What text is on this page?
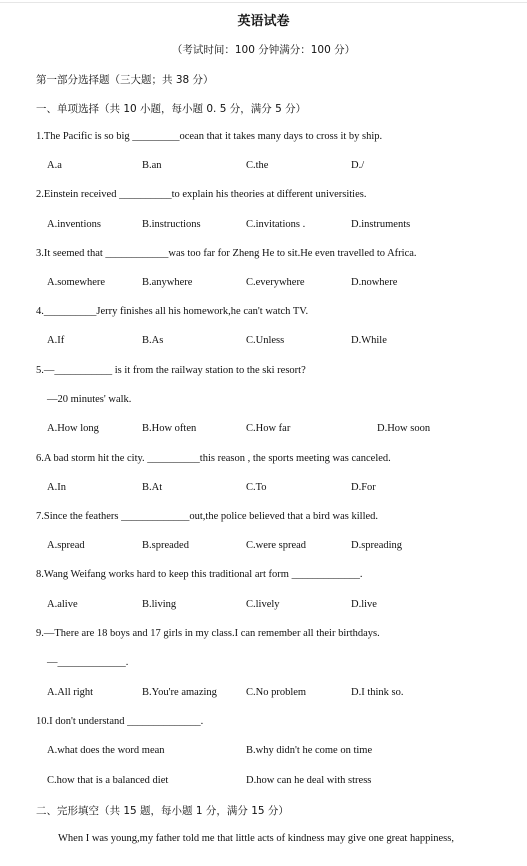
英语试卷
（考试时间：100 分钟满分：100 分）
第一部分选择题（三大题；共 38 分）
一、单项选择（共 10 小题，每小题 0. 5 分，满分 5 分）
1.The Pacific is so big _________ocean that it takes many days to cross it by ship.
A.a	B.an	C.the	D./
2.Einstein received __________to explain his theories at different universities.
A.inventions	B.instructions	C.invitations .	D.instruments
3.It seemed that ____________was too far for Zheng He to sit.He even travelled to Africa.
A.somewhere	B.anywhere	C.everywhere	D.nowhere
4.__________Jerry finishes all his homework,he can't watch TV.
A.If	B.As	C.Unless	D.While
5.—___________ is it from the railway station to the ski resort?
—20 minutes' walk.
A.How long	B.How often	C.How far	D.How soon
6.A bad storm hit the city. __________this reason , the sports meeting was canceled.
A.In	B.At	C.To	D.For
7.Since the feathers _____________out,the police believed that a bird was killed.
A.spread	B.spreaded	C.were spread	D.spreading
8.Wang Weifang works hard to keep this traditional art form _____________.
A.alive	B.living	C.lively	D.live
9.—There are 18 boys and 17 girls in my class.I can remember all their birthdays.
—_____________.
A.All right	B.You're amazing	C.No problem	D.I think so.
10.I don't understand ______________.
A.what does the word mean	B.why didn't he come on time
C.how that is a balanced diet	D.how can he deal with stress
二、完形填空（共 15 题，每小题 1 分，满分 15 分）
When I was young,my father told me that little acts of kindness may give one great happiness,
